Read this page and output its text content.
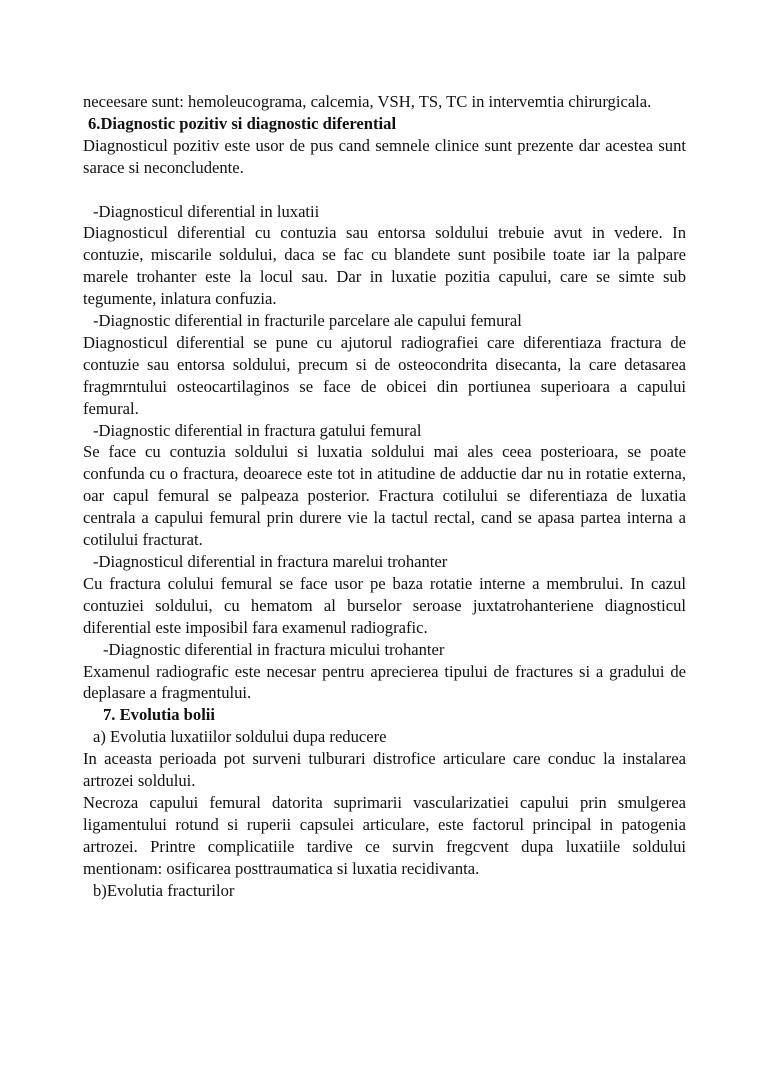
neceesare sunt: hemoleucograma, calcemia, VSH, TS, TC in intervemtia chirurgicala.

6.Diagnostic pozitiv si diagnostic diferential

Diagnosticul pozitiv este usor de pus cand semnele clinice sunt prezente dar acestea sunt sarace si neconcludente.

-Diagnosticul diferential in luxatii

Diagnosticul diferential cu contuzia sau entorsa soldului trebuie avut in vedere. In contuzie, miscarile soldului, daca se fac cu blandete sunt posibile toate iar la palpare marele trohanter este la locul sau. Dar in luxatie pozitia capului, care se simte sub tegumente, inlatura confuzia.

-Diagnostic diferential in fracturile parcelare ale capului femural

Diagnosticul diferential se pune cu ajutorul radiografiei care diferentiaza fractura de contuzie sau entorsa soldului, precum si de osteocondrita disecanta, la care detasarea fragmrntului osteocartilaginos se face de obicei din portiunea superioara a capului femural.

-Diagnostic diferential in fractura gatului femural

Se face cu contuzia soldului si luxatia soldului mai ales ceea posterioara, se poate confunda cu o fractura, deoarece este tot in atitudine de adductie dar nu in rotatie externa, oar capul femural se palpeaza posterior. Fractura cotilului se diferentiaza de luxatia centrala a capului femural prin durere vie la tactul rectal, cand se apasa partea interna a cotilului fracturat.

-Diagnosticul diferential in fractura marelui trohanter

Cu fractura colului femural se face usor pe baza rotatie interne a membrului. In cazul contuziei soldului, cu hematom al burselor seroase juxtatrohanteriene diagnosticul diferential este imposibil fara examenul radiografic.

-Diagnostic diferential in fractura micului trohanter

Examenul radiografic este necesar pentru aprecierea tipului de fractures si a gradului de deplasare a fragmentului.

7. Evolutia bolii

a) Evolutia luxatiilor soldului dupa reducere

In aceasta perioada pot surveni tulburari distrofice articulare care conduc la instalarea artrozei soldului.

Necroza capului femural datorita suprimarii vascularizatiei capului prin smulgerea ligamentului rotund si ruperii capsulei articulare, este factorul principal in patogenia artrozei. Printre complicatiile tardive ce survin fregcvent dupa luxatiile soldului mentionam: osificarea posttraumatica si luxatia recidivanta.

b)Evolutia fracturilor
